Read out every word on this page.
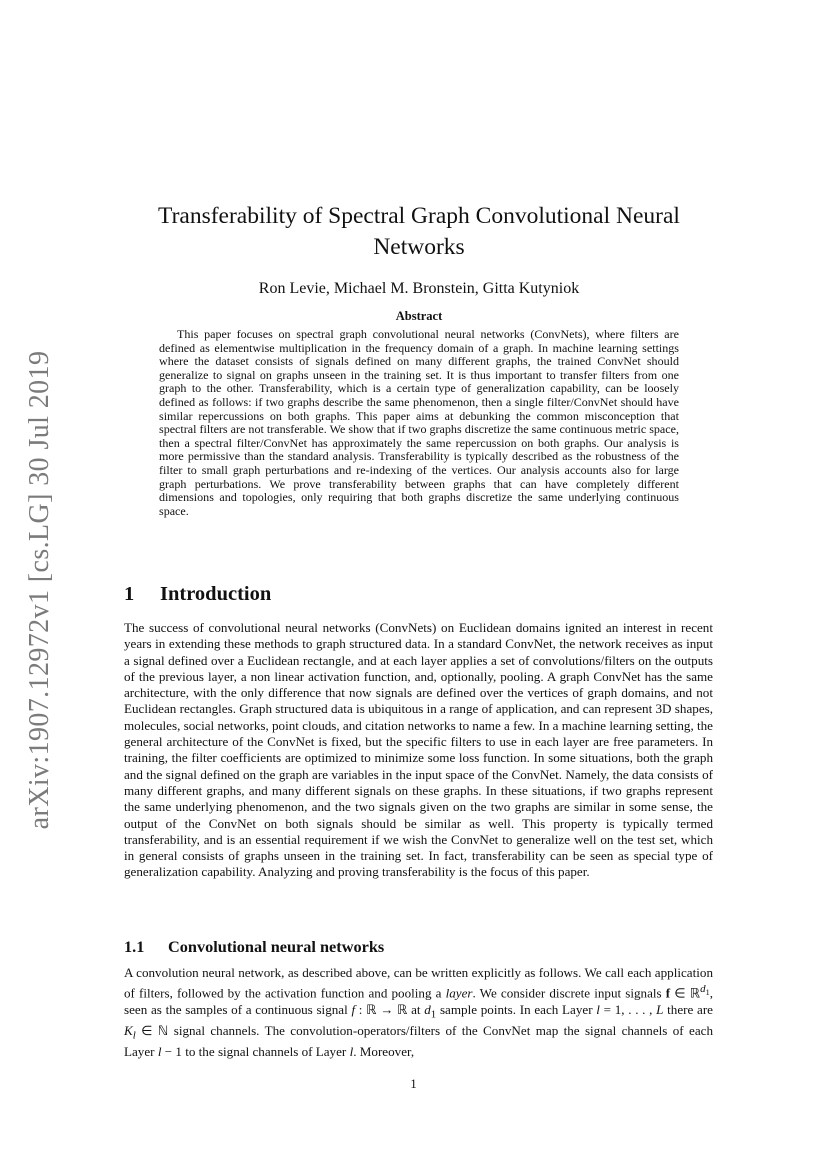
arXiv:1907.12972v1 [cs.LG] 30 Jul 2019
Transferability of Spectral Graph Convolutional Neural Networks
Ron Levie, Michael M. Bronstein, Gitta Kutyniok
Abstract

This paper focuses on spectral graph convolutional neural networks (ConvNets), where filters are defined as elementwise multiplication in the frequency domain of a graph. In machine learning settings where the dataset consists of signals defined on many different graphs, the trained ConvNet should generalize to signal on graphs unseen in the training set. It is thus important to transfer filters from one graph to the other. Transferability, which is a certain type of generalization capability, can be loosely defined as follows: if two graphs describe the same phenomenon, then a single filter/ConvNet should have similar repercussions on both graphs. This paper aims at debunking the common misconception that spectral filters are not transferable. We show that if two graphs discretize the same continuous metric space, then a spectral filter/ConvNet has approximately the same repercussion on both graphs. Our analysis is more permissive than the standard analysis. Transferability is typically described as the robustness of the filter to small graph perturbations and re-indexing of the vertices. Our analysis accounts also for large graph perturbations. We prove transferability between graphs that can have completely different dimensions and topologies, only requiring that both graphs discretize the same underlying continuous space.

1 Introduction

The success of convolutional neural networks (ConvNets) on Euclidean domains ignited an interest in recent years in extending these methods to graph structured data. In a standard ConvNet, the network receives as input a signal defined over a Euclidean rectangle, and at each layer applies a set of convolutions/filters on the outputs of the previous layer, a non linear activation function, and, optionally, pooling. A graph ConvNet has the same architecture, with the only difference that now signals are defined over the vertices of graph domains, and not Euclidean rectangles. Graph structured data is ubiquitous in a range of application, and can represent 3D shapes, molecules, social networks, point clouds, and citation networks to name a few. In a machine learning setting, the general architecture of the ConvNet is fixed, but the specific filters to use in each layer are free parameters. In training, the filter coefficients are optimized to minimize some loss function. In some situations, both the graph and the signal defined on the graph are variables in the input space of the ConvNet. Namely, the data consists of many different graphs, and many different signals on these graphs. In these situations, if two graphs represent the same underlying phenomenon, and the two signals given on the two graphs are similar in some sense, the output of the ConvNet on both signals should be similar as well. This property is typically termed transferability, and is an essential requirement if we wish the ConvNet to generalize well on the test set, which in general consists of graphs unseen in the training set. In fact, transferability can be seen as special type of generalization capability. Analyzing and proving transferability is the focus of this paper.

1.1 Convolutional neural networks

A convolution neural network, as described above, can be written explicitly as follows. We call each application of filters, followed by the activation function and pooling a layer. We consider discrete input signals f ∈ ℝ$^{d_1}$, seen as the samples of a continuous signal f : ℝ → ℝ at $d_1$ sample points. In each Layer l = 1, . . . , L there are $K_l$ ∈ ℕ signal channels. The convolution-operators/filters of the ConvNet map the signal channels of each Layer l − 1 to the signal channels of Layer l. Moreover,

1
